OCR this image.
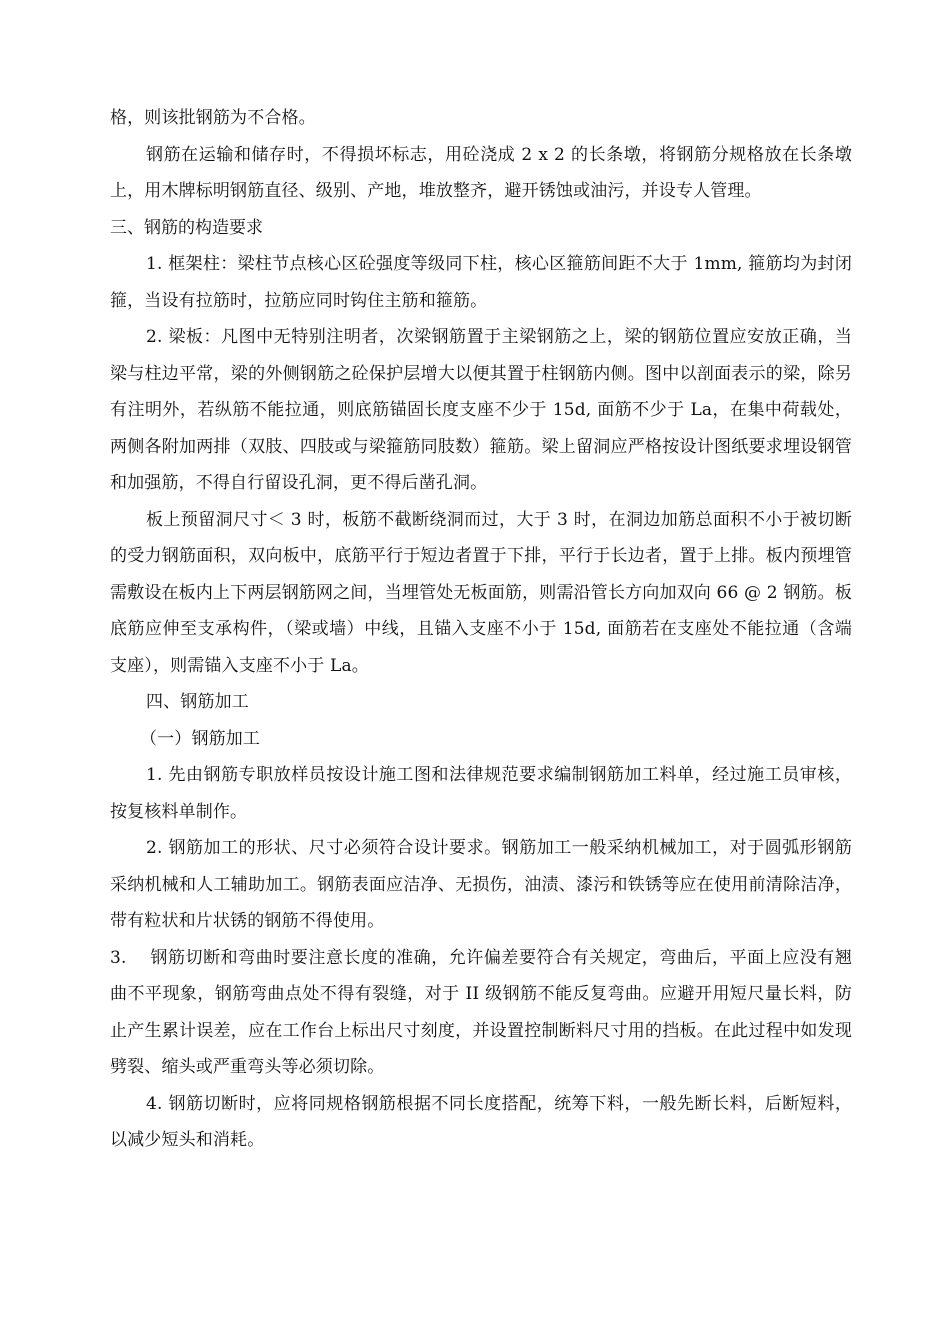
格，则该批钢筋为不合格。

钢筋在运输和储存时，不得损坏标志，用砼浇成 2 x 2 的长条墩，将钢筋分规格放在长条墩上，用木牌标明钢筋直径、级别、产地，堆放整齐，避开锈蚀或油污，并设专人管理。

三、钢筋的构造要求

1. 框架柱：梁柱节点核心区砼强度等级同下柱，核心区箍筋间距不大于 1mm, 箍筋均为封闭箍，当设有拉筋时，拉筋应同时钩住主筋和箍筋。

2. 梁板：凡图中无特别注明者，次梁钢筋置于主梁钢筋之上，梁的钢筋位置应安放正确，当梁与柱边平常，梁的外侧钢筋之砼保护层增大以便其置于柱钢筋内侧。图中以剖面表示的梁，除另有注明外，若纵筋不能拉通，则底筋锚固长度支座不少于 15d, 面筋不少于 La，在集中荷载处，两侧各附加两排（双肢、四肢或与梁箍筋同肢数）箍筋。梁上留洞应严格按设计图纸要求埋设钢管和加强筋，不得自行留设孔洞，更不得后凿孔洞。

板上预留洞尺寸＜ 3 时，板筋不截断绕洞而过，大于 3 时，在洞边加筋总面积不小于被切断的受力钢筋面积，双向板中，底筋平行于短边者置于下排，平行于长边者，置于上排。板内预埋管需敷设在板内上下两层钢筋网之间，当埋管处无板面筋，则需沿管长方向加双向 66 @ 2 钢筋。板底筋应伸至支承构件，（梁或墙）中线，且锚入支座不小于 15d, 面筋若在支座处不能拉通（含端支座），则需锚入支座不小于 La。

四、钢筋加工

（一）钢筋加工

1. 先由钢筋专职放样员按设计施工图和法律规范要求编制钢筋加工料单，经过施工员审核，按复核料单制作。

2. 钢筋加工的形状、尺寸必须符合设计要求。钢筋加工一般采纳机械加工，对于圆弧形钢筋采纳机械和人工辅助加工。钢筋表面应洁净、无损伤，油渍、漆污和铁锈等应在使用前清除洁净，带有粒状和片状锈的钢筋不得使用。

3.　 钢筋切断和弯曲时要注意长度的准确，允许偏差要符合有关规定，弯曲后，平面上应没有翘曲不平现象，钢筋弯曲点处不得有裂缝，对于 II 级钢筋不能反复弯曲。应避开用短尺量长料，防止产生累计误差，应在工作台上标出尺寸刻度，并设置控制断料尺寸用的挡板。在此过程中如发现劈裂、缩头或严重弯头等必须切除。

4. 钢筋切断时，应将同规格钢筋根据不同长度搭配，统筹下料，一般先断长料，后断短料，以减少短头和消耗。
